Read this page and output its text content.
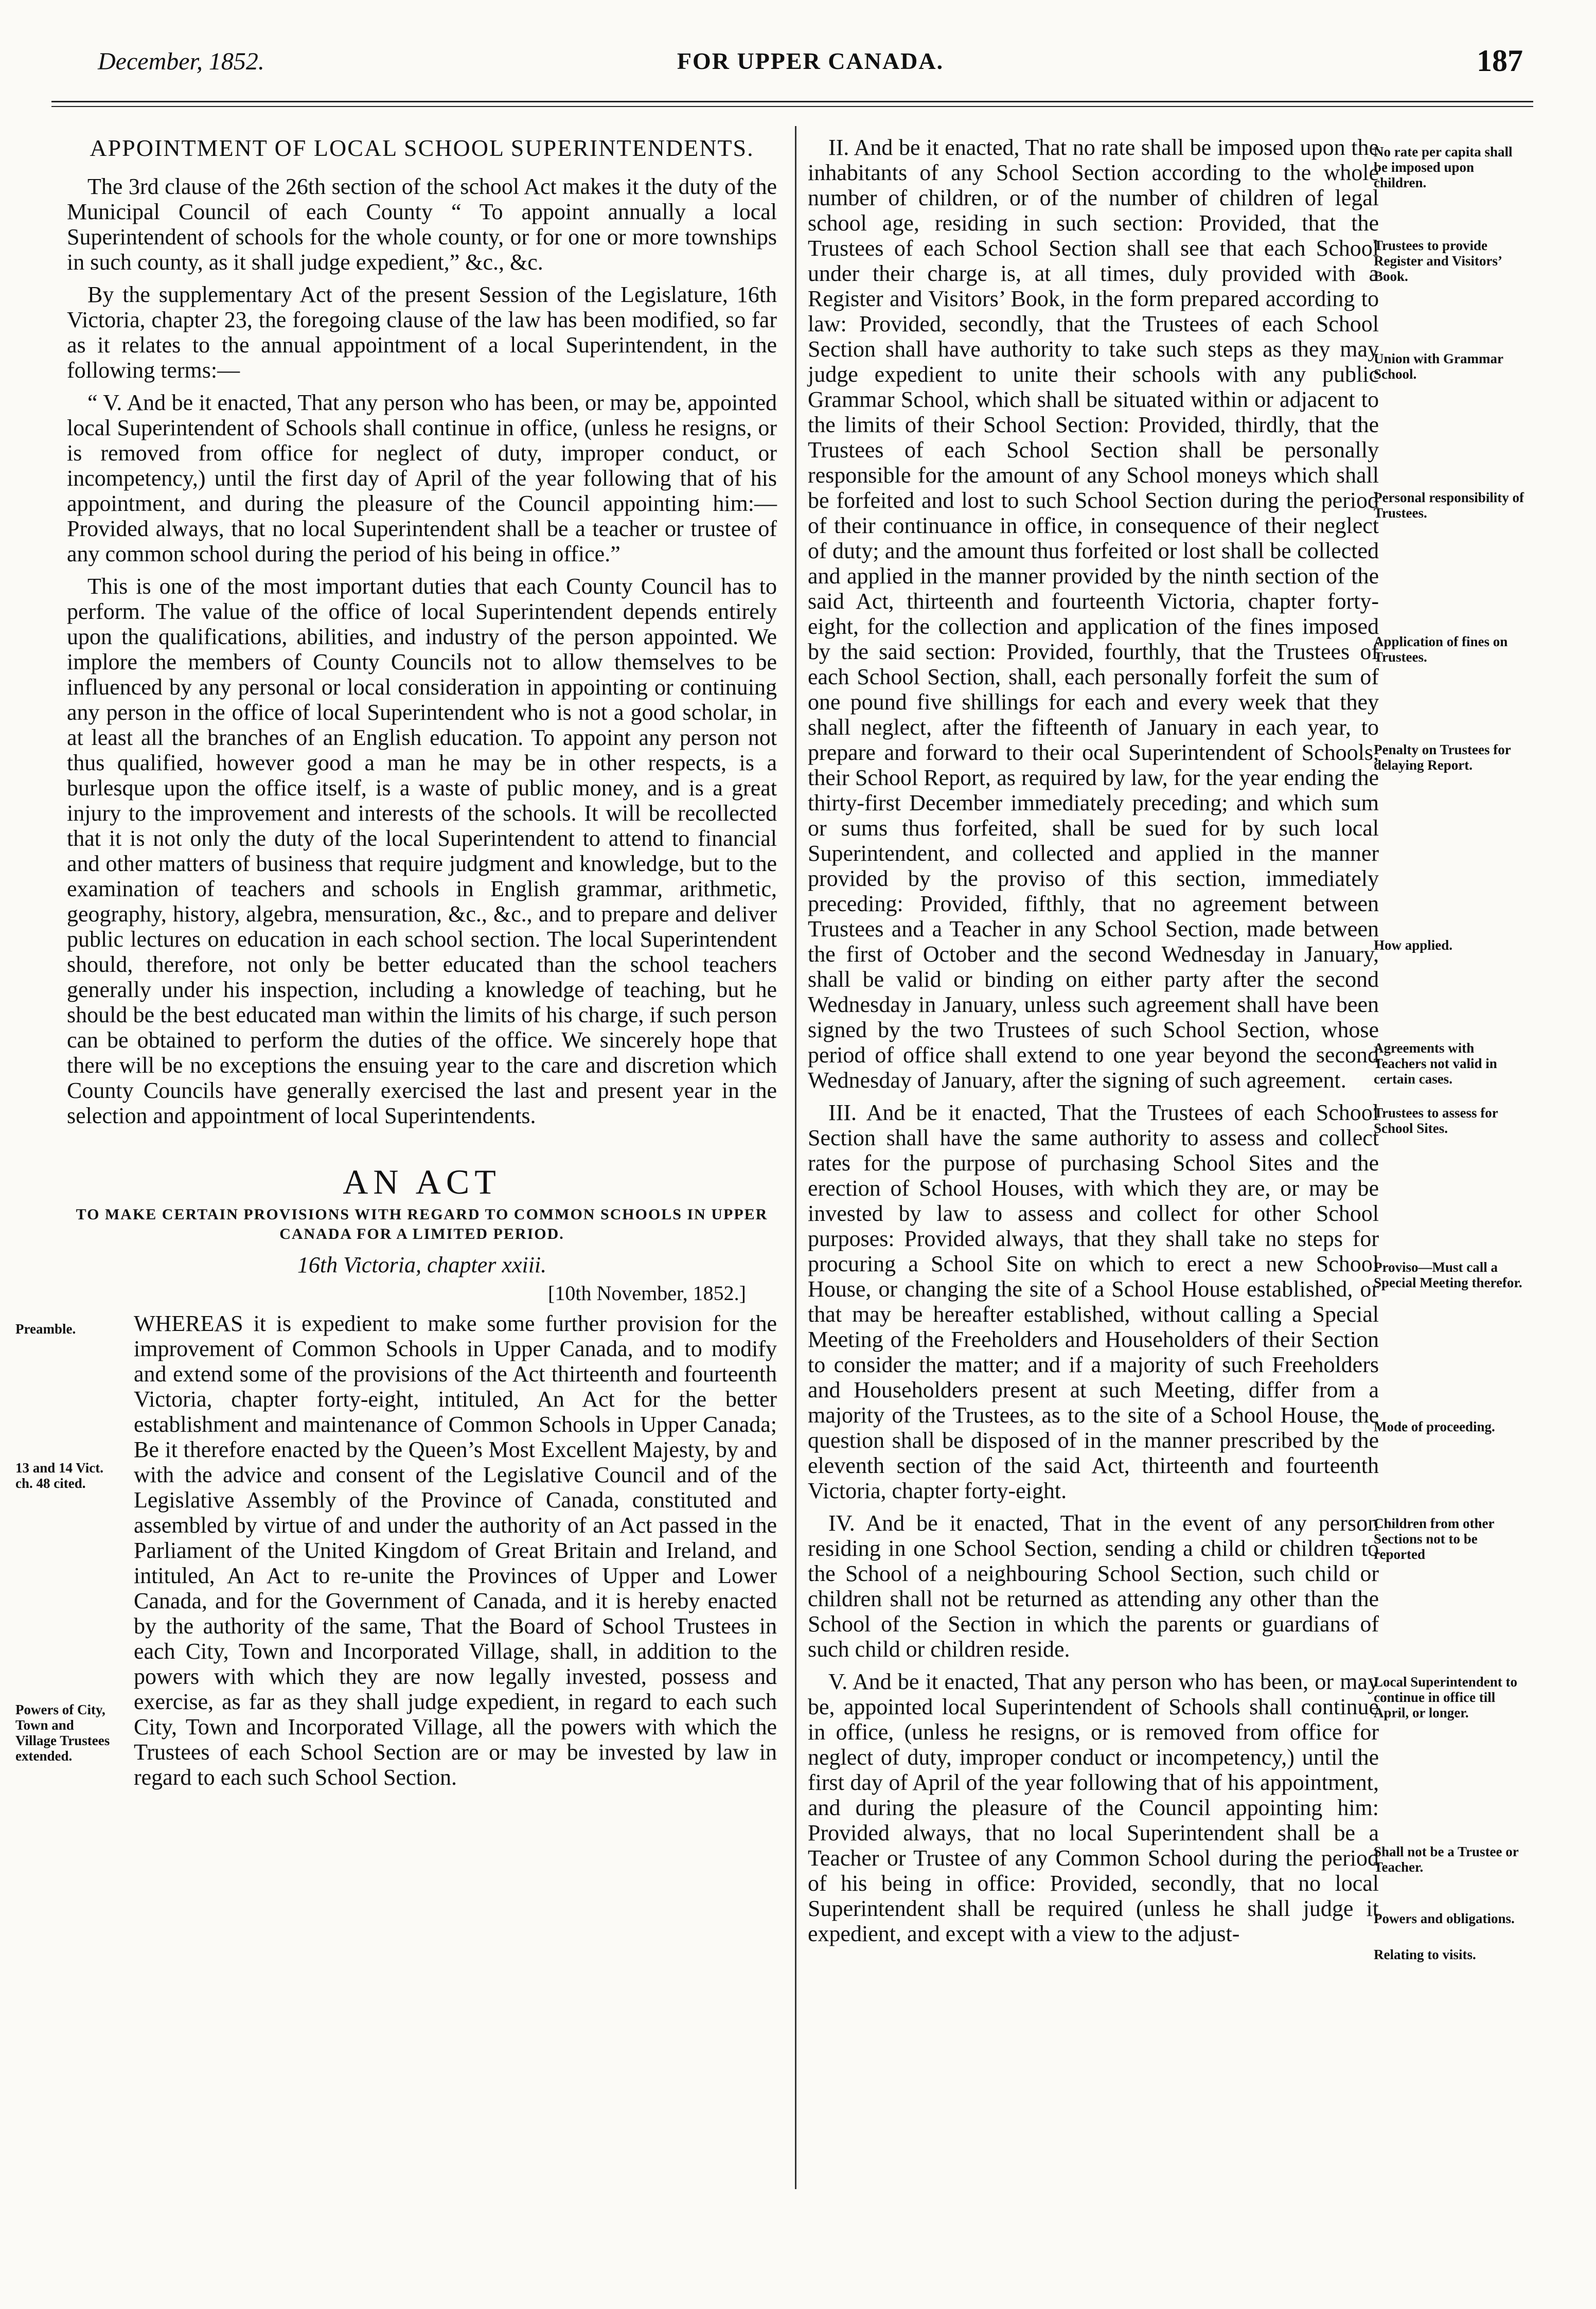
December, 1852.	FOR UPPER CANADA.	187
APPOINTMENT OF LOCAL SCHOOL SUPERINTENDENTS.

The 3rd clause of the 26th section of the school Act makes it the duty of the Municipal Council of each County “ To appoint annually a local Superintendent of schools for the whole county, or for one or more townships in such county, as it shall judge expedient,” &c., &c.

By the supplementary Act of the present Session of the Legislature, 16th Victoria, chapter 23, the foregoing clause of the law has been modified, so far as it relates to the annual appointment of a local Superintendent, in the following terms:—

“ V. And be it enacted, That any person who has been, or may be, appointed local Superintendent of Schools shall continue in office, (unless he resigns, or is removed from office for neglect of duty, improper conduct, or incompetency,) until the first day of April of the year following that of his appointment, and during the pleasure of the Council appointing him:—Provided always, that no local Superintendent shall be a teacher or trustee of any common school during the period of his being in office.”

This is one of the most important duties that each County Council has to perform. The value of the office of local Superintendent depends entirely upon the qualifications, abilities, and industry of the person appointed. We implore the members of County Councils not to allow themselves to be influenced by any personal or local consideration in appointing or continuing any person in the office of local Superintendent who is not a good scholar, in at least all the branches of an English education. To appoint any person not thus qualified, however good a man he may be in other respects, is a burlesque upon the office itself, is a waste of public money, and is a great injury to the improvement and interests of the schools. It will be recollected that it is not only the duty of the local Superintendent to attend to financial and other matters of business that require judgment and knowledge, but to the examination of teachers and schools in English grammar, arithmetic, geography, history, algebra, mensuration, &c., &c., and to prepare and deliver public lectures on education in each school section. The local Superintendent should, therefore, not only be better educated than the school teachers generally under his inspection, including a knowledge of teaching, but he should be the best educated man within the limits of his charge, if such person can be obtained to perform the duties of the office. We sincerely hope that there will be no exceptions the ensuing year to the care and discretion which County Councils have generally exercised the last and present year in the selection and appointment of local Superintendents.

AN ACT
TO MAKE CERTAIN PROVISIONS WITH REGARD TO COMMON SCHOOLS IN UPPER CANADA FOR A LIMITED PERIOD.
16th Victoria, chapter xxiii.
[10th November, 1852.]
Preamble.
13 and 14 Vict. ch. 48 cited.
Powers of City, Town and Village Trustees extended.
WHEREAS it is expedient to make some further provision for the improvement of Common Schools in Upper Canada, and to modify and extend some of the provisions of the Act thirteenth and fourteenth Victoria, chapter forty-eight, intituled, An Act for the better establishment and maintenance of Common Schools in Upper Canada; Be it therefore enacted by the Queen’s Most Excellent Majesty, by and with the advice and consent of the Legislative Council and of the Legislative Assembly of the Province of Canada, constituted and assembled by virtue of and under the authority of an Act passed in the Parliament of the United Kingdom of Great Britain and Ireland, and intituled, An Act to re-unite the Provinces of Upper and Lower Canada, and for the Government of Canada, and it is hereby enacted by the authority of the same, That the Board of School Trustees in each City, Town and Incorporated Village, shall, in addition to the powers with which they are now legally invested, possess and exercise, as far as they shall judge expedient, in regard to each such City, Town and Incorporated Village, all the powers with which the Trustees of each School Section are or may be invested by law in regard to each such School Section.
No rate per capita shall be imposed upon children.
Trustees to provide Register and Visitors’ Book.
Union with Grammar School.
Personal responsibility of Trustees.
Application of fines on Trustees.
Penalty on Trustees for delaying Report.
How applied.
Agreements with Teachers not valid in certain cases.

II. And be it enacted, That no rate shall be imposed upon the inhabitants of any School Section according to the whole number of children, or of the number of children of legal school age, residing in such section: Provided, that the Trustees of each School Section shall see that each School under their charge is, at all times, duly provided with a Register and Visitors’ Book, in the form prepared according to law: Provided, secondly, that the Trustees of each School Section shall have authority to take such steps as they may judge expedient to unite their schools with any public Grammar School, which shall be situated within or adjacent to the limits of their School Section: Provided, thirdly, that the Trustees of each School Section shall be personally responsible for the amount of any School moneys which shall be forfeited and lost to such School Section during the period of their continuance in office, in consequence of their neglect of duty; and the amount thus forfeited or lost shall be collected and applied in the manner provided by the ninth section of the said Act, thirteenth and fourteenth Victoria, chapter forty-eight, for the collection and application of the fines imposed by the said section: Provided, fourthly, that the Trustees of each School Section, shall, each personally forfeit the sum of one pound five shillings for each and every week that they shall neglect, after the fifteenth of January in each year, to prepare and forward to their ocal Superintendent of Schools, their School Report, as required by law, for the year ending the thirty-first December immediately preceding; and which sum or sums thus forfeited, shall be sued for by such local Superintendent, and collected and applied in the manner provided by the proviso of this section, immediately preceding: Provided, fifthly, that no agreement between Trustees and a Teacher in any School Section, made between the first of October and the second Wednesday in January, shall be valid or binding on either party after the second Wednesday in January, unless such agreement shall have been signed by the two Trustees of such School Section, whose period of office shall extend to one year beyond the second Wednesday of January, after the signing of such agreement.

Trustees to assess for School Sites.
Proviso—Must call a Special Meeting therefor.
Mode of proceeding.

III. And be it enacted, That the Trustees of each School Section shall have the same authority to assess and collect rates for the purpose of purchasing School Sites and the erection of School Houses, with which they are, or may be invested by law to assess and collect for other School purposes: Provided always, that they shall take no steps for procuring a School Site on which to erect a new School House, or changing the site of a School House established, or that may be hereafter established, without calling a Special Meeting of the Freeholders and Householders of their Section to consider the matter; and if a majority of such Freeholders and Householders present at such Meeting, differ from a majority of the Trustees, as to the site of a School House, the question shall be disposed of in the manner prescribed by the eleventh section of the said Act, thirteenth and fourteenth Victoria, chapter forty-eight.

Children from other Sections not to be reported

IV. And be it enacted, That in the event of any person residing in one School Section, sending a child or children to the School of a neighbouring School Section, such child or children shall not be returned as attending any other than the School of the Section in which the parents or guardians of such child or children reside.

Local Superintendent to continue in office till April, or longer.
Shall not be a Trustee or Teacher.
Powers and obligations.
Relating to visits.

V. And be it enacted, That any person who has been, or may be, appointed local Superintendent of Schools shall continue in office, (unless he resigns, or is removed from office for neglect of duty, improper conduct or incompetency,) until the first day of April of the year following that of his appointment, and during the pleasure of the Council appointing him: Provided always, that no local Superintendent shall be a Teacher or Trustee of any Common School during the period of his being in office: Provided, secondly, that no local Superintendent shall be required (unless he shall judge it expedient, and except with a view to the adjust-
